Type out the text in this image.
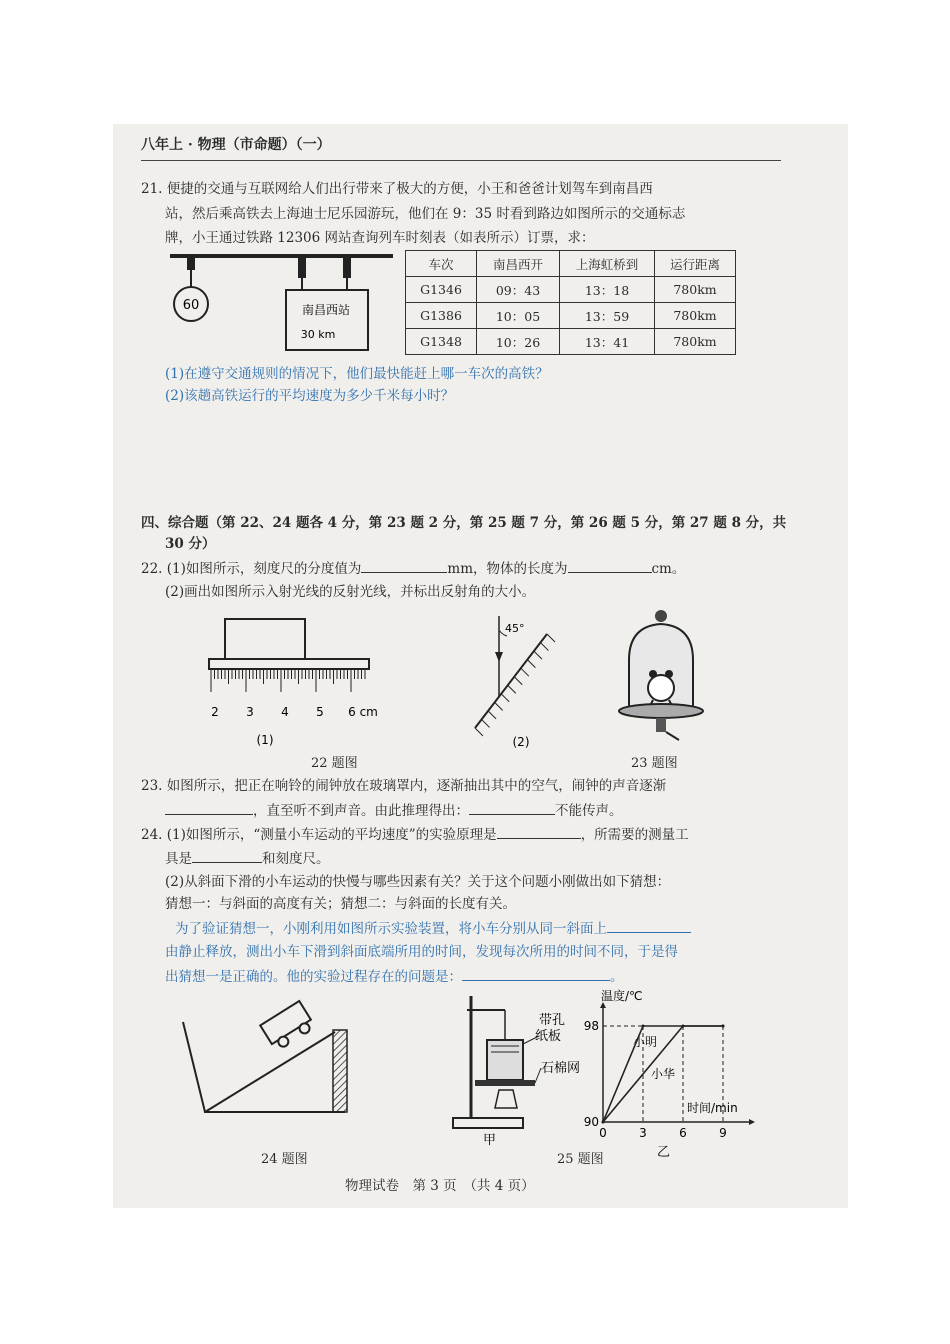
八年上 · 物理（市命题）（一）
21. 便捷的交通与互联网给人们出行带来了极大的方便，小王和爸爸计划驾车到南昌西
站，然后乘高铁去上海迪士尼乐园游玩，他们在 9：35 时看到路边如图所示的交通标志
牌，小王通过铁路 12306 网站查询列车时刻表（如表所示）订票，求：
60	南昌西站
30 km
车次	南昌西开	上海虹桥到	运行距离
G1346	09：43	13：18	780km
G1386	10：05	13：59	780km
G1348	10：26	13：41	780km
(1)在遵守交通规则的情况下，他们最快能赶上哪一车次的高铁？
(2)该趟高铁运行的平均速度为多少千米每小时？
四、综合题（第 22、24 题各 4 分，第 23 题 2 分，第 25 题 7 分，第 26 题 5 分，第 27 题 8 分，共
30 分）
22. (1)如图所示，刻度尺的分度值为	mm，物体的长度为	cm。
(2)画出如图所示入射光线的反射光线，并标出反射角的大小。
2 3 4 5 6 cm
(1)
45°
(2)
22 题图	23 题图
23. 如图所示，把正在响铃的闹钟放在玻璃罩内，逐渐抽出其中的空气，闹钟的声音逐渐
，直至听不到声音。由此推理得出：	不能传声。
24. (1)如图所示，“测量小车运动的平均速度”的实验原理是	，所需要的测量工
具是	和刻度尺。
(2)从斜面下滑的小车运动的快慢与哪些因素有关？关于这个问题小刚做出如下猜想：
猜想一：与斜面的高度有关；猜想二：与斜面的长度有关。
为了验证猜想一，小刚利用如图所示实验装置，将小车分别从同一斜面上
由静止释放，测出小车下滑到斜面底端所用的时间，发现每次所用的时间不同，于是得
出猜想一是正确的。他的实验过程存在的问题是：	。
24 题图
带孔
纸板
石棉网
甲
温度/℃
时间/min
小明
小华
乙
98
90
0	3	6	9
25 题图
物理试卷　第 3 页　（共 4 页）
